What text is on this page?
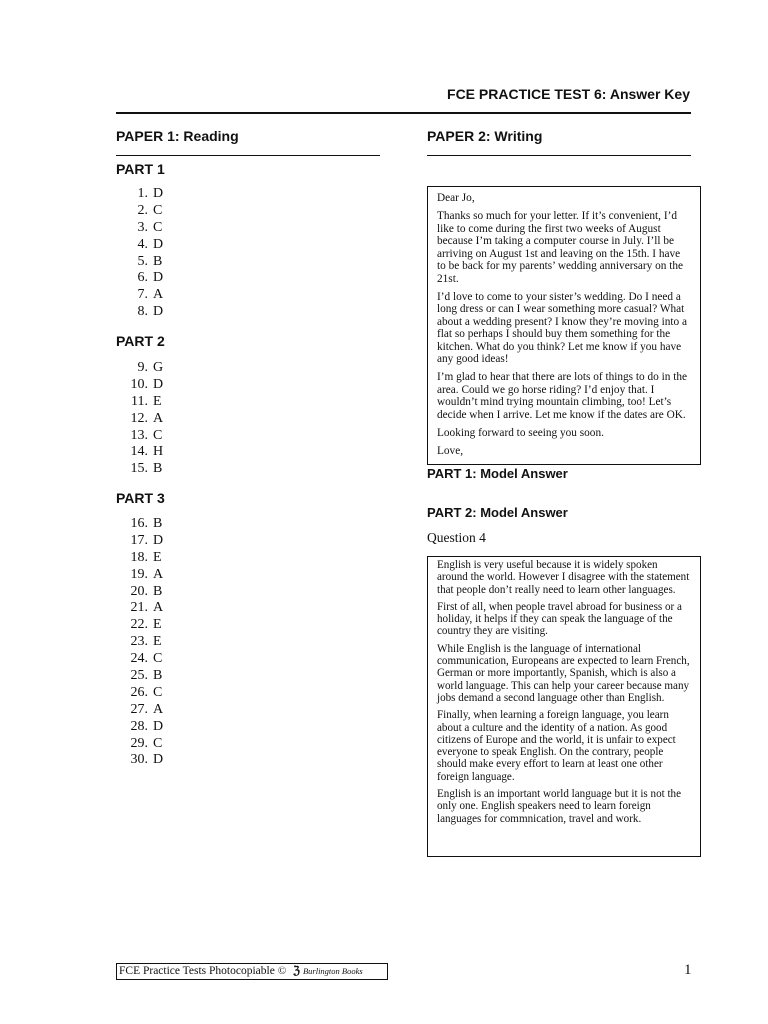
FCE PRACTICE TEST 6: Answer Key
PAPER 1: Reading
PART 1
1. D
2. C
3. C
4. D
5. B
6. D
7. A
8. D
PART 2
9. G
10. D
11. E
12. A
13. C
14. H
15. B
PART 3
16. B
17. D
18. E
19. A
20. B
21. A
22. E
23. E
24. C
25. B
26. C
27. A
28. D
29. C
30. D
PAPER 2: Writing

Dear Jo,

Thanks so much for your letter. If it’s convenient, I’d like to come during the first two weeks of August because I’m taking a computer course in July. I’ll be arriving on August 1st and leaving on the 15th. I have to be back for my parents’ wedding anniversary on the 21st.

I’d love to come to your sister’s wedding. Do I need a long dress or can I wear something more casual? What about a wedding present? I know they’re moving into a flat so perhaps I should buy them something for the kitchen. What do you think? Let me know if you have any good ideas!

I’m glad to hear that there are lots of things to do in the area. Could we go horse riding? I’d enjoy that. I wouldn’t mind trying mountain climbing, too! Let’s decide when I arrive. Let me know if the dates are OK.

Looking forward to seeing you soon.

Love,

PART 1: Model Answer
PART 2: Model Answer
Question 4

English is very useful because it is widely spoken around the world. However I disagree with the statement that people don’t really need to learn other languages.

First of all, when people travel abroad for business or a holiday, it helps if they can speak the language of the country they are visiting.

While English is the language of international communication, Europeans are expected to learn French, German or more importantly, Spanish, which is also a world language. This can help your career because many jobs demand a second language other than English.

Finally, when learning a foreign language, you learn about a culture and the identity of a nation. As good citizens of Europe and the world, it is unfair to expect everyone to speak English. On the contrary, people should make every effort to learn at least one other foreign language.

English is an important world language but it is not the only one. English speakers need to learn foreign languages for commnication, travel and work.

FCE Practice Tests Photocopiable © ℨ Burlington Books	1
